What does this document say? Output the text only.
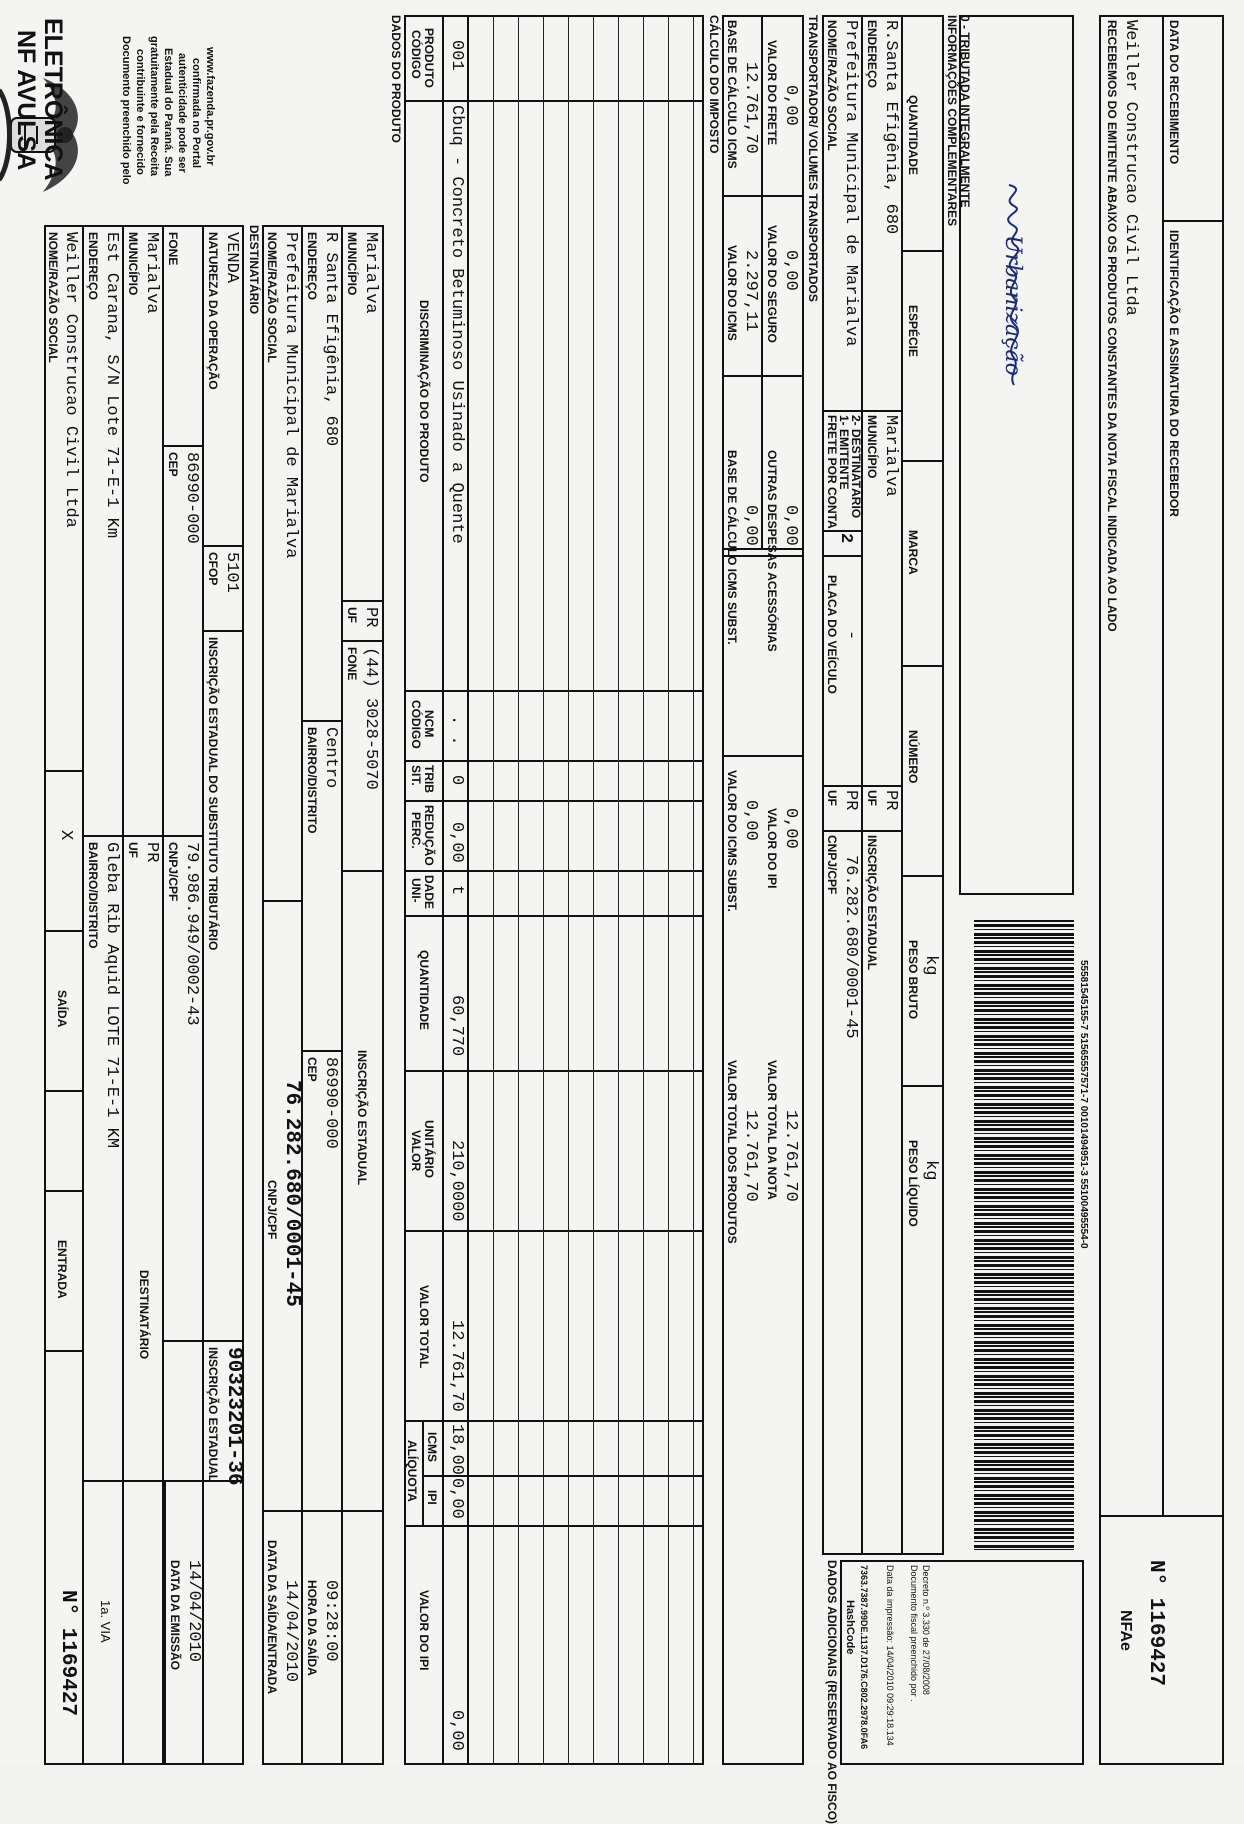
NF AVULSA ELETRÔNICA	Documento preenchido pelo contribuinte e fornecido gratuitamente pela Receita Estadual do Paraná. Sua autenticidade pode ser confirmada no Portal www.fazenda.pr.gov.br
NOME/RAZÃO SOCIAL Weiller Construcao Civil Ltda
X
SAÍDA
ENTRADA
N° 1169427
ENDEREÇO Est Carana, S/N Lote 71-E-1 Km
BAIRRO/DISTRITO Gleba Rib Aquid LOTE 71-E-1 KM
1a. VIA
MUNICÍPIO Marialva
UF PR
DESTINATÁRIO
FONE
CEP 86990-000
CNPJ/CPF 79.986.949/0002-43
DATA DA EMISSÃO 14/04/2010
NATUREZA DA OPERAÇÃO VENDA
CFOP 5101
INSCRIÇÃO ESTADUAL DO SUBSTITUTO TRIBUTÁRIO
INSCRIÇÃO ESTADUAL 90323201-36
DESTINATÁRIO NOME/RAZÃO SOCIAL Prefeitura Municipal de Marialva
CNPJ/CPF 76.282.680/0001-45
DATA DA SAÍDA/ENTRADA 14/04/2010
ENDEREÇO R Santa Efigênia, 680
BAIRRO/DISTRITO Centro
CEP 86990-000
HORA DA SAÍDA 09:28:00
MUNICÍPIO Marialva
UF PR
FONE (44) 3028-5070
INSCRIÇÃO ESTADUAL
DADOS DO PRODUTO CÓDIGO PRODUTO
DISCRIMINAÇÃO DO PRODUTO
CÓDIGO NCM
SIT. TRIB
PERC. REDUÇÃO
UNI- DADE
QUANTIDADE
VALOR UNITÁRIO
VALOR TOTAL
ALÍQUOTA ICMS
IPI
VALOR DO IPI
001
Cbuq - Concreto Betuminoso Usinado a Quente
. .
0
0,00
t
60,770
210,0000
12.761,70
18,00
0,00
0,00
CÁLCULO DO IMPOSTO BASE DE CÁLCULO ICMS 12.761,70
VALOR DO ICMS 2.297,11
BASE DE CÁLCULO ICMS SUBST. 0,00
VALOR DO ICMS SUBST. 0,00
VALOR TOTAL DOS PRODUTOS 12.761,70
VALOR DO FRETE 0,00
VALOR DO SEGURO 0,00
OUTRAS DESPESAS ACESSÓRIAS 0,00
VALOR DO IPI 0,00
VALOR TOTAL DA NOTA 12.761,70
TRANSPORTADOR/ VOLUMES TRANSPORTADOS NOME/RAZÃO SOCIAL Prefeitura Municipal de Marialva
FRETE POR CONTA
1- EMITENTE
2- DESTINATÁRIO
2
PLACA DO VEÍCULO -
UF PR
CNPJ/CPF 76.282.680/0001-45
ENDEREÇO R.Santa Efigênia, 680
MUNICÍPIO Marialva
UF PR
INSCRIÇÃO ESTADUAL
QUANTIDADE
ESPÉCIE
MARCA
NÚMERO
PESO BRUTO kg
PESO LÍQUIDO kg
INFORMAÇÕES COMPLEMENTARES 0 - TRIBUTADA INTEGRALMENTE
Urbanização
55581545155-7 51565557571-7 00101494951-3 55100495554-0
DADOS ADICIONAIS (RESERVADO AO FISCO) HashCode 7363.7387.99DE.1137.D176.C802.2978.0FA6 Data da impressão: 14/04/2010 09:29:18.134 Documento fiscal preenchido por . Decreto n.º 3.330 de 27/08/2008
RECEBEMOS DO EMITENTE ABAIXO OS PRODUTOS CONSTANTES DA NOTA FISCAL INDICADA AO LADO Weiller Construcao Civil Ltda DATA DO RECEBIMENTO
IDENTIFICAÇÃO E ASSINATURA DO RECEBEDOR
NFAe N° 1169427
